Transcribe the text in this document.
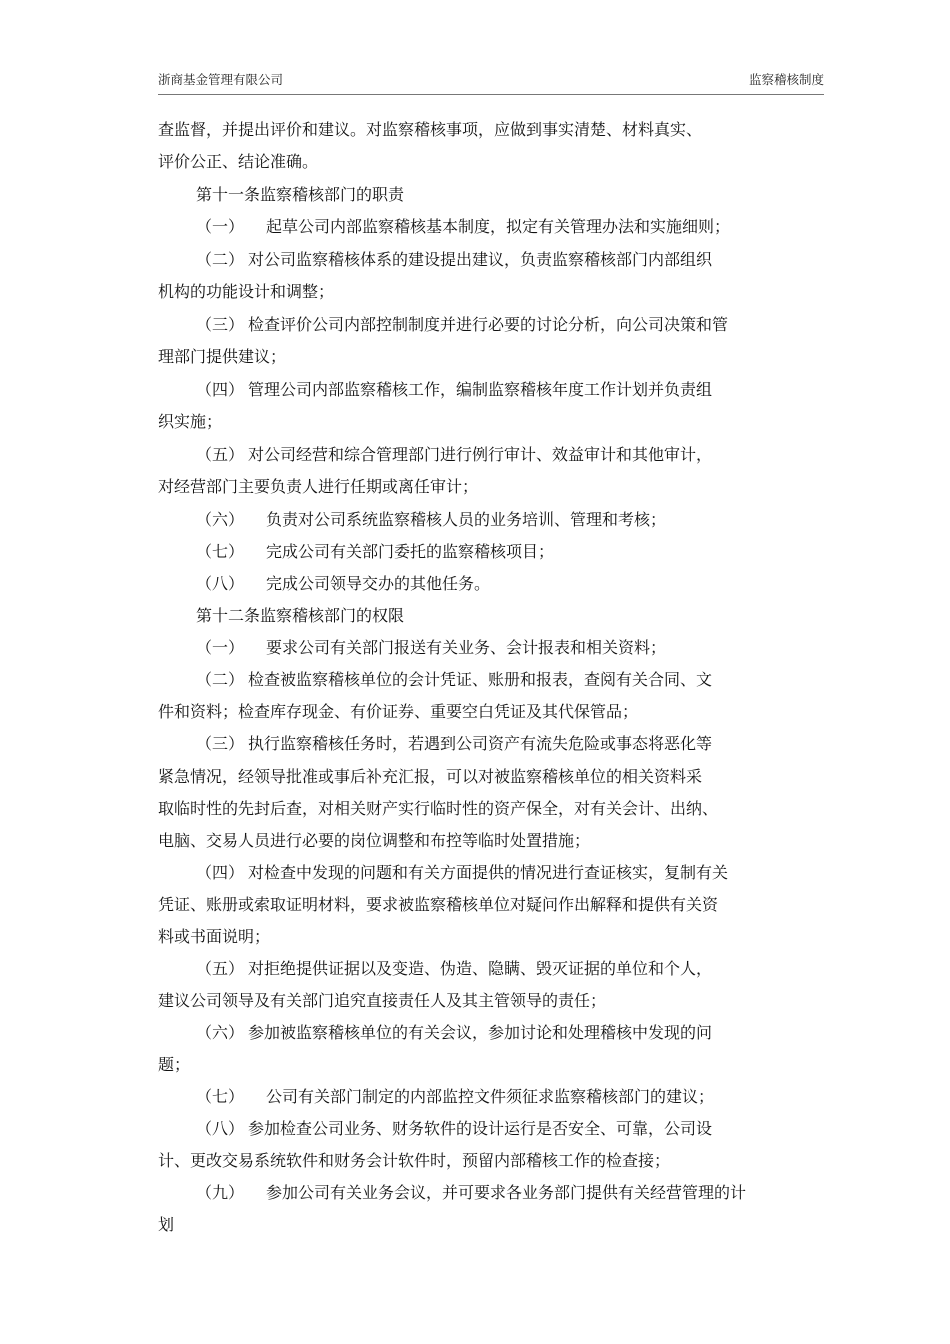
浙商基金管理有限公司	监察稽核制度
查监督，并提出评价和建议。对监察稽核事项，应做到事实清楚、材料真实、
评价公正、结论准确。
第十一条监察稽核部门的职责
（一） 起草公司内部监察稽核基本制度，拟定有关管理办法和实施细则；
（二） 对公司监察稽核体系的建设提出建议，负责监察稽核部门内部组织
机构的功能设计和调整；
（三） 检查评价公司内部控制制度并进行必要的讨论分析，向公司决策和管
理部门提供建议；
（四） 管理公司内部监察稽核工作，编制监察稽核年度工作计划并负责组
织实施；
（五） 对公司经营和综合管理部门进行例行审计、效益审计和其他审计，
对经营部门主要负责人进行任期或离任审计；
（六） 负责对公司系统监察稽核人员的业务培训、管理和考核；
（七） 完成公司有关部门委托的监察稽核项目；
（八） 完成公司领导交办的其他任务。
第十二条监察稽核部门的权限
（一） 要求公司有关部门报送有关业务、会计报表和相关资料；
（二） 检查被监察稽核单位的会计凭证、账册和报表，查阅有关合同、文
件和资料；检查库存现金、有价证券、重要空白凭证及其代保管品；
（三） 执行监察稽核任务时，若遇到公司资产有流失危险或事态将恶化等
紧急情况，经领导批准或事后补充汇报，可以对被监察稽核单位的相关资料采
取临时性的先封后查，对相关财产实行临时性的资产保全，对有关会计、出纳、
电脑、交易人员进行必要的岗位调整和布控等临时处置措施；
（四） 对检查中发现的问题和有关方面提供的情况进行查证核实，复制有关
凭证、账册或索取证明材料，要求被监察稽核单位对疑问作出解释和提供有关资
料或书面说明；
（五） 对拒绝提供证据以及变造、伪造、隐瞒、毁灭证据的单位和个人，
建议公司领导及有关部门追究直接责任人及其主管领导的责任；
（六） 参加被监察稽核单位的有关会议，参加讨论和处理稽核中发现的问
题；
（七） 公司有关部门制定的内部监控文件须征求监察稽核部门的建议；
（八） 参加检查公司业务、财务软件的设计运行是否安全、可靠，公司设
计、更改交易系统软件和财务会计软件时，预留内部稽核工作的检查接；
（九） 参加公司有关业务会议，并可要求各业务部门提供有关经营管理的计
划
